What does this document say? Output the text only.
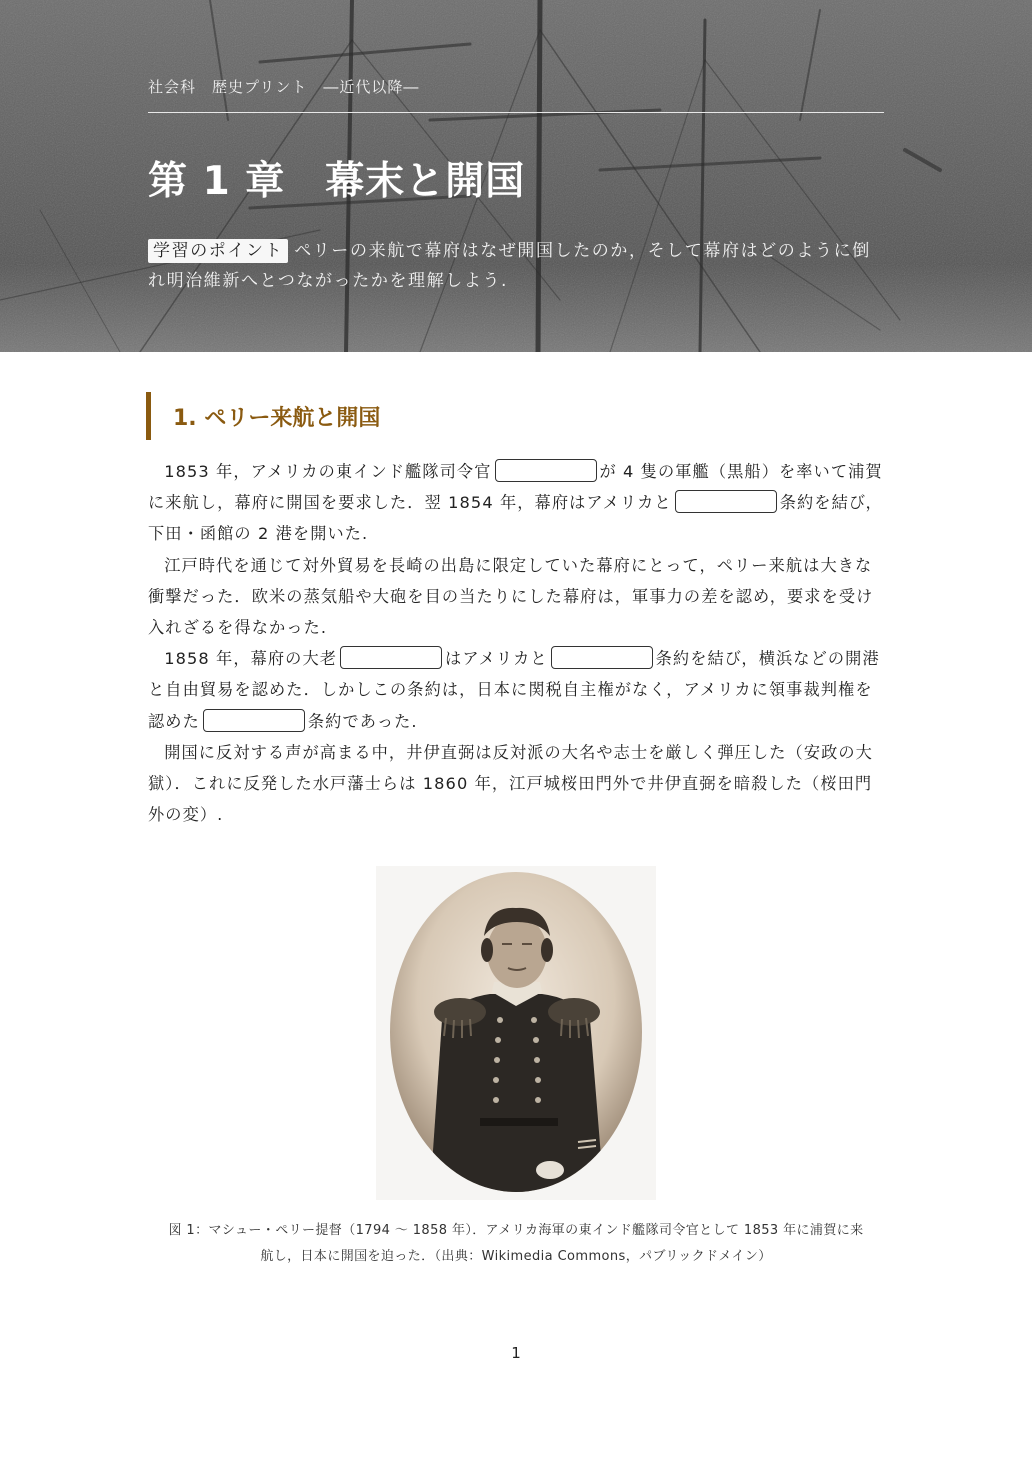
社会科　歴史プリント　―近代以降―
第 1 章　幕末と開国
学習のポイント ペリーの来航で幕府はなぜ開国したのか，そして幕府はどのように倒れ明治維新へとつながったかを理解しよう.
1. ペリー来航と開国

1853 年，アメリカの東インド艦隊司令官	が 4 隻の軍艦（黒船）を率いて浦賀に来航し，幕府に開国を要求した．翌 1854 年，幕府はアメリカと	条約を結び，下田・函館の 2 港を開いた.

江戸時代を通じて対外貿易を長崎の出島に限定していた幕府にとって，ペリー来航は大きな衝撃だった．欧米の蒸気船や大砲を目の当たりにした幕府は，軍事力の差を認め，要求を受け入れざるを得なかった.

1858 年，幕府の大老	はアメリカと	条約を結び，横浜などの開港と自由貿易を認めた．しかしこの条約は，日本に関税自主権がなく，アメリカに領事裁判権を認めた	条約であった.

開国に反対する声が高まる中，井伊直弼は反対派の大名や志士を厳しく弾圧した（安政の大獄）．これに反発した水戸藩士らは 1860 年，江戸城桜田門外で井伊直弼を暗殺した（桜田門外の変）.

図 1：マシュー・ペリー提督（1794 ～ 1858 年）．アメリカ海軍の東インド艦隊司令官として 1853 年に浦賀に来
航し，日本に開国を迫った．（出典：Wikimedia Commons，パブリックドメイン）
1
